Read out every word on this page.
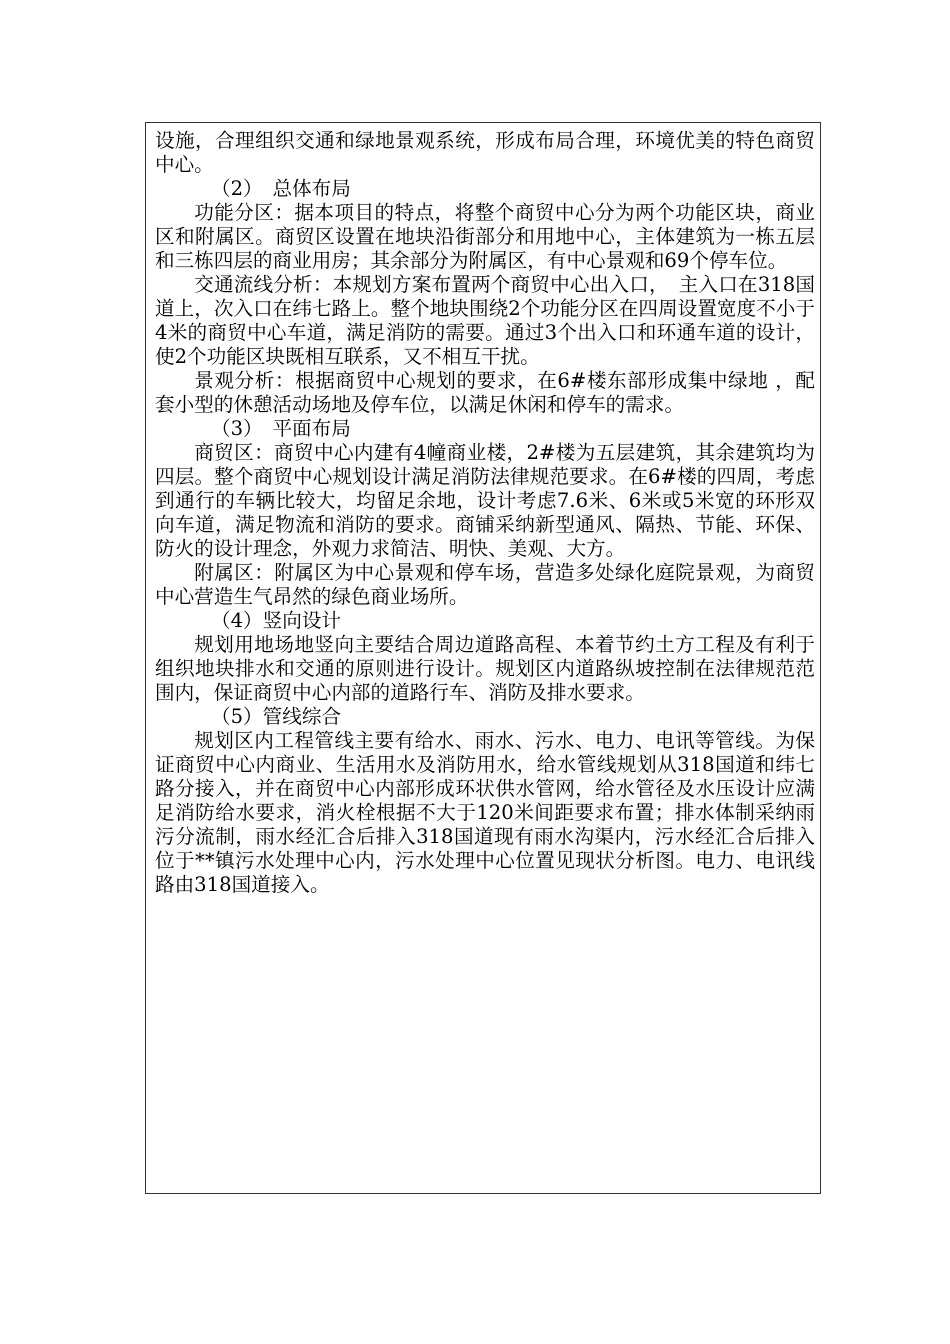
设施，合理组织交通和绿地景观系统，形成布局合理，环境优美的特色商贸中心。

（2）　总体布局

功能分区：据本项目的特点，将整个商贸中心分为两个功能区块，商业区和附属区。商贸区设置在地块沿街部分和用地中心，主体建筑为一栋五层和三栋四层的商业用房；其余部分为附属区，有中心景观和69个停车位。

交通流线分析：本规划方案布置两个商贸中心出入口，　主入口在318国道上，次入口在纬七路上。整个地块围绕2个功能分区在四周设置宽度不小于4米的商贸中心车道，满足消防的需要。通过3个出入口和环通车道的设计，使2个功能区块既相互联系，又不相互干扰。

景观分析：根据商贸中心规划的要求，在6#楼东部形成集中绿地 ，配套小型的休憩活动场地及停车位，以满足休闲和停车的需求。

（3）　平面布局

商贸区：商贸中心内建有4幢商业楼，2#楼为五层建筑，其余建筑均为四层。整个商贸中心规划设计满足消防法律规范要求。在6#楼的四周，考虑到通行的车辆比较大，均留足余地，设计考虑7.6米、6米或5米宽的环形双向车道，满足物流和消防的要求。商铺采纳新型通风、隔热、节能、环保、防火的设计理念，外观力求简洁、明快、美观、大方。

附属区：附属区为中心景观和停车场，营造多处绿化庭院景观，为商贸中心营造生气昂然的绿色商业场所。

（4）竖向设计

规划用地场地竖向主要结合周边道路高程、本着节约土方工程及有利于组织地块排水和交通的原则进行设计。规划区内道路纵坡控制在法律规范范围内，保证商贸中心内部的道路行车、消防及排水要求。

（5）管线综合

规划区内工程管线主要有给水、雨水、污水、电力、电讯等管线。为保证商贸中心内商业、生活用水及消防用水，给水管线规划从318国道和纬七路分接入，并在商贸中心内部形成环状供水管网，给水管径及水压设计应满足消防给水要求，消火栓根据不大于120米间距要求布置；排水体制采纳雨污分流制，雨水经汇合后排入318国道现有雨水沟渠内，污水经汇合后排入位于**镇污水处理中心内，污水处理中心位置见现状分析图。电力、电讯线路由318国道接入。
